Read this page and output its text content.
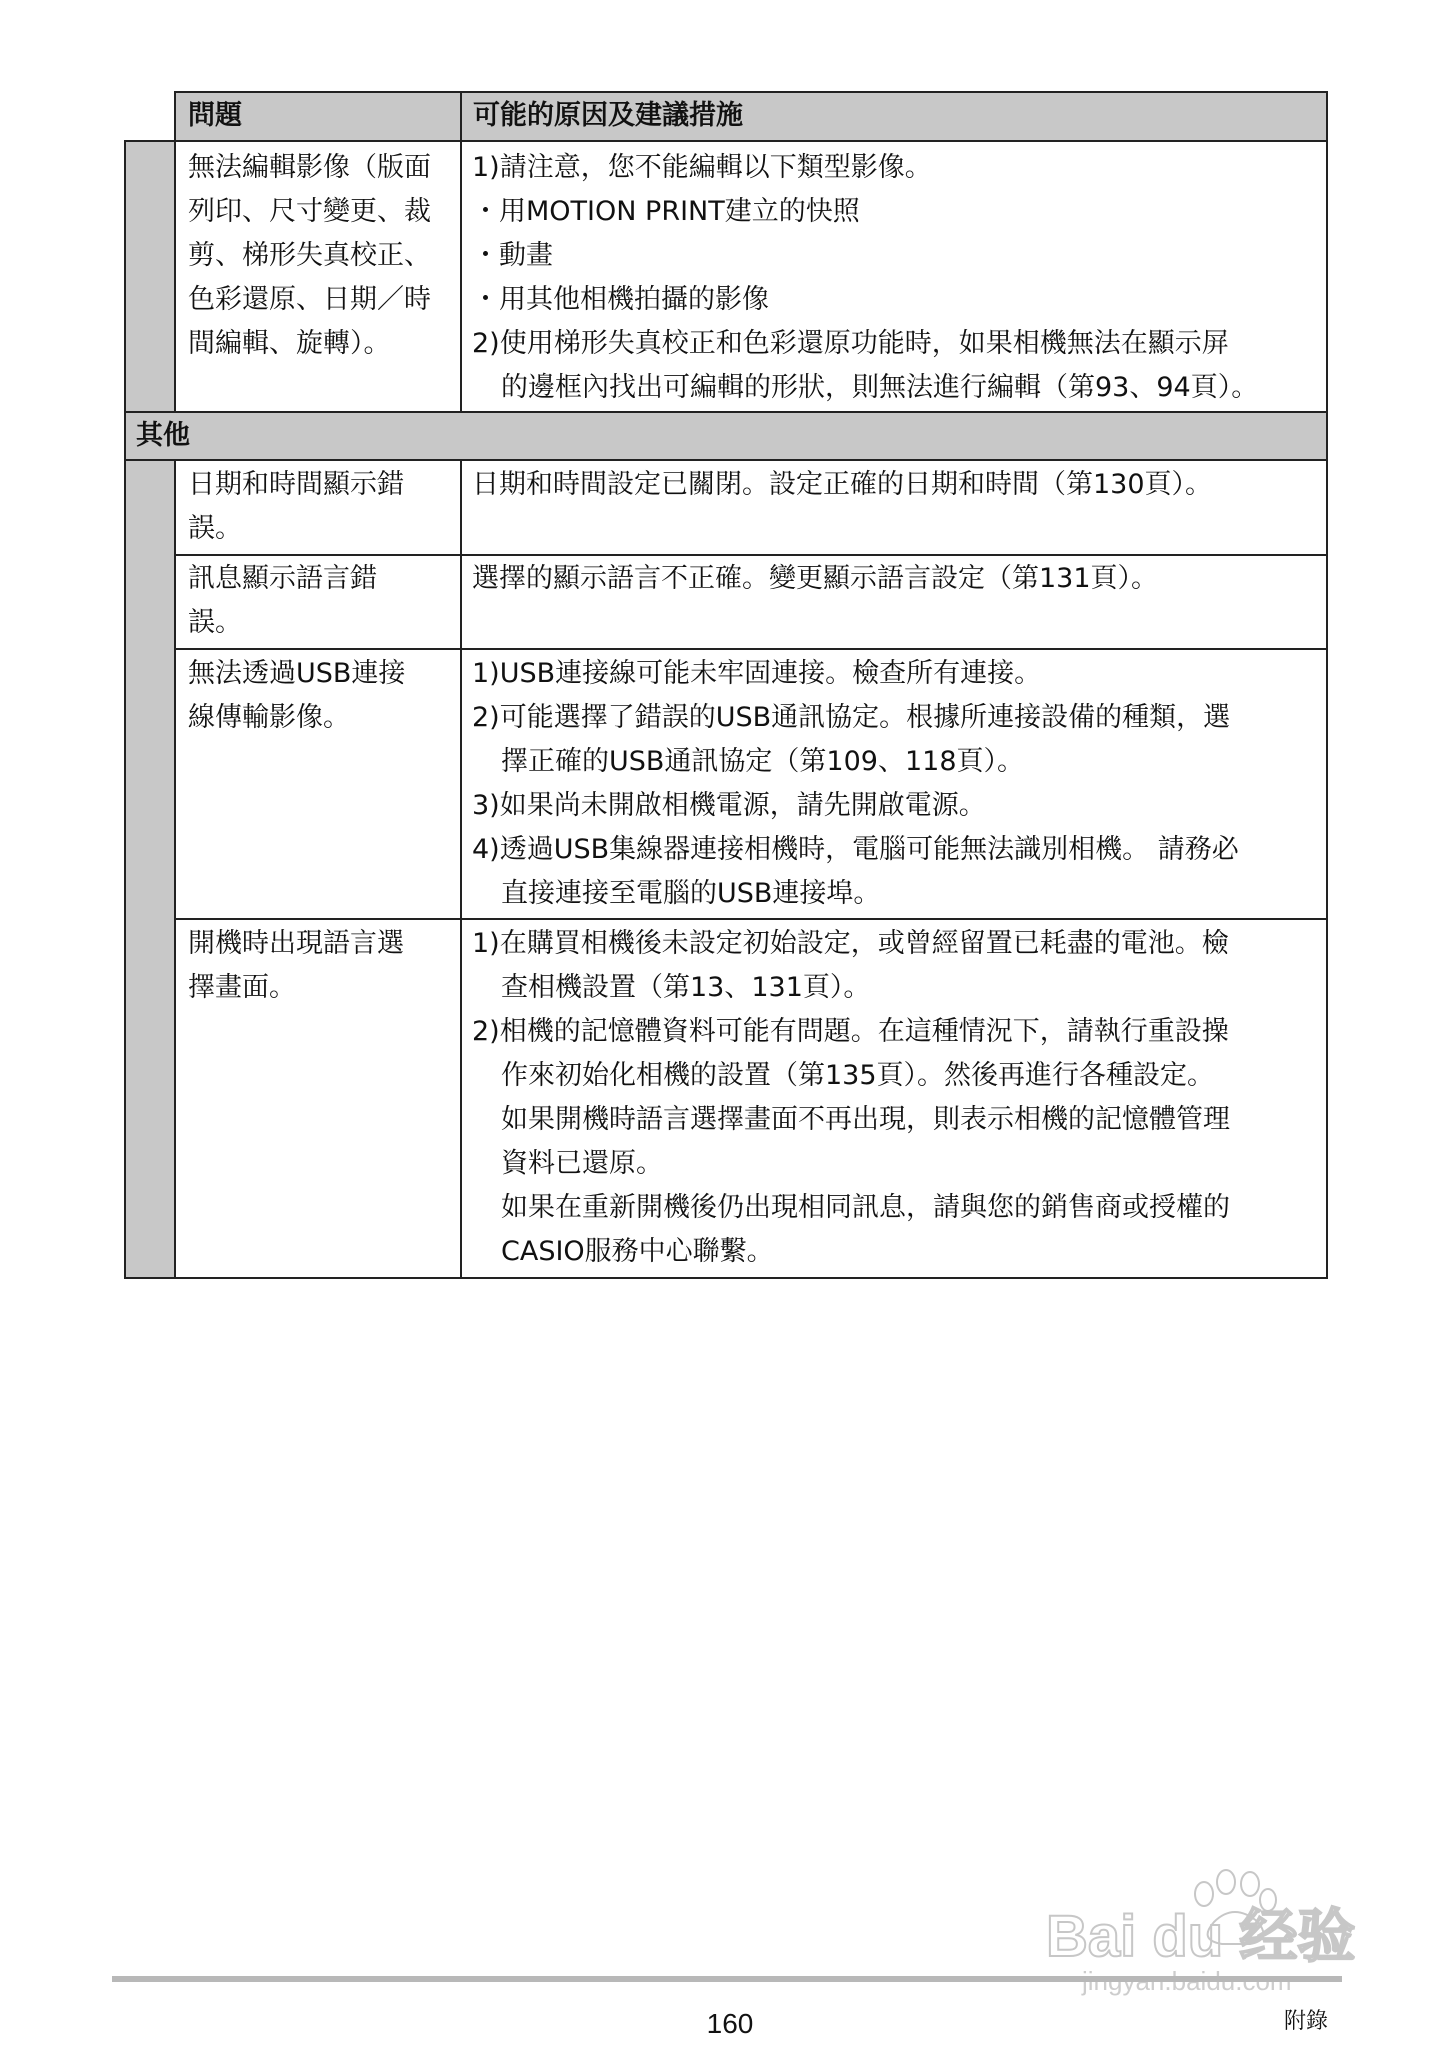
問題	可能的原因及建議措施
其他
無法編輯影像（版面
列印、尺寸變更、裁
剪、梯形失真校正、
色彩還原、日期／時
間編輯、旋轉）。
1)請注意，您不能編輯以下類型影像。
・用MOTION PRINT建立的快照
・動畫
・用其他相機拍攝的影像
2)使用梯形失真校正和色彩還原功能時，如果相機無法在顯示屏
的邊框內找出可編輯的形狀，則無法進行編輯（第93、94頁）。
日期和時間顯示錯
誤。
日期和時間設定已關閉。設定正確的日期和時間（第130頁）。
訊息顯示語言錯
誤。
選擇的顯示語言不正確。變更顯示語言設定（第131頁）。
無法透過USB連接
線傳輸影像。
1)USB連接線可能未牢固連接。檢查所有連接。
2)可能選擇了錯誤的USB通訊協定。根據所連接設備的種類，選
擇正確的USB通訊協定（第109、118頁）。
3)如果尚未開啟相機電源，請先開啟電源。
4)透過USB集線器連接相機時，電腦可能無法識別相機。 請務必
直接連接至電腦的USB連接埠。
開機時出現語言選
擇畫面。
1)在購買相機後未設定初始設定，或曾經留置已耗盡的電池。檢
查相機設置（第13、131頁）。
2)相機的記憶體資料可能有問題。在這種情況下，請執行重設操
作來初始化相機的設置（第135頁）。然後再進行各種設定。
如果開機時語言選擇畫面不再出現，則表示相機的記憶體管理
資料已還原。
如果在重新開機後仍出現相同訊息，請與您的銷售商或授權的
CASIO服務中心聯繫。
Bai du 经验
160	附錄
